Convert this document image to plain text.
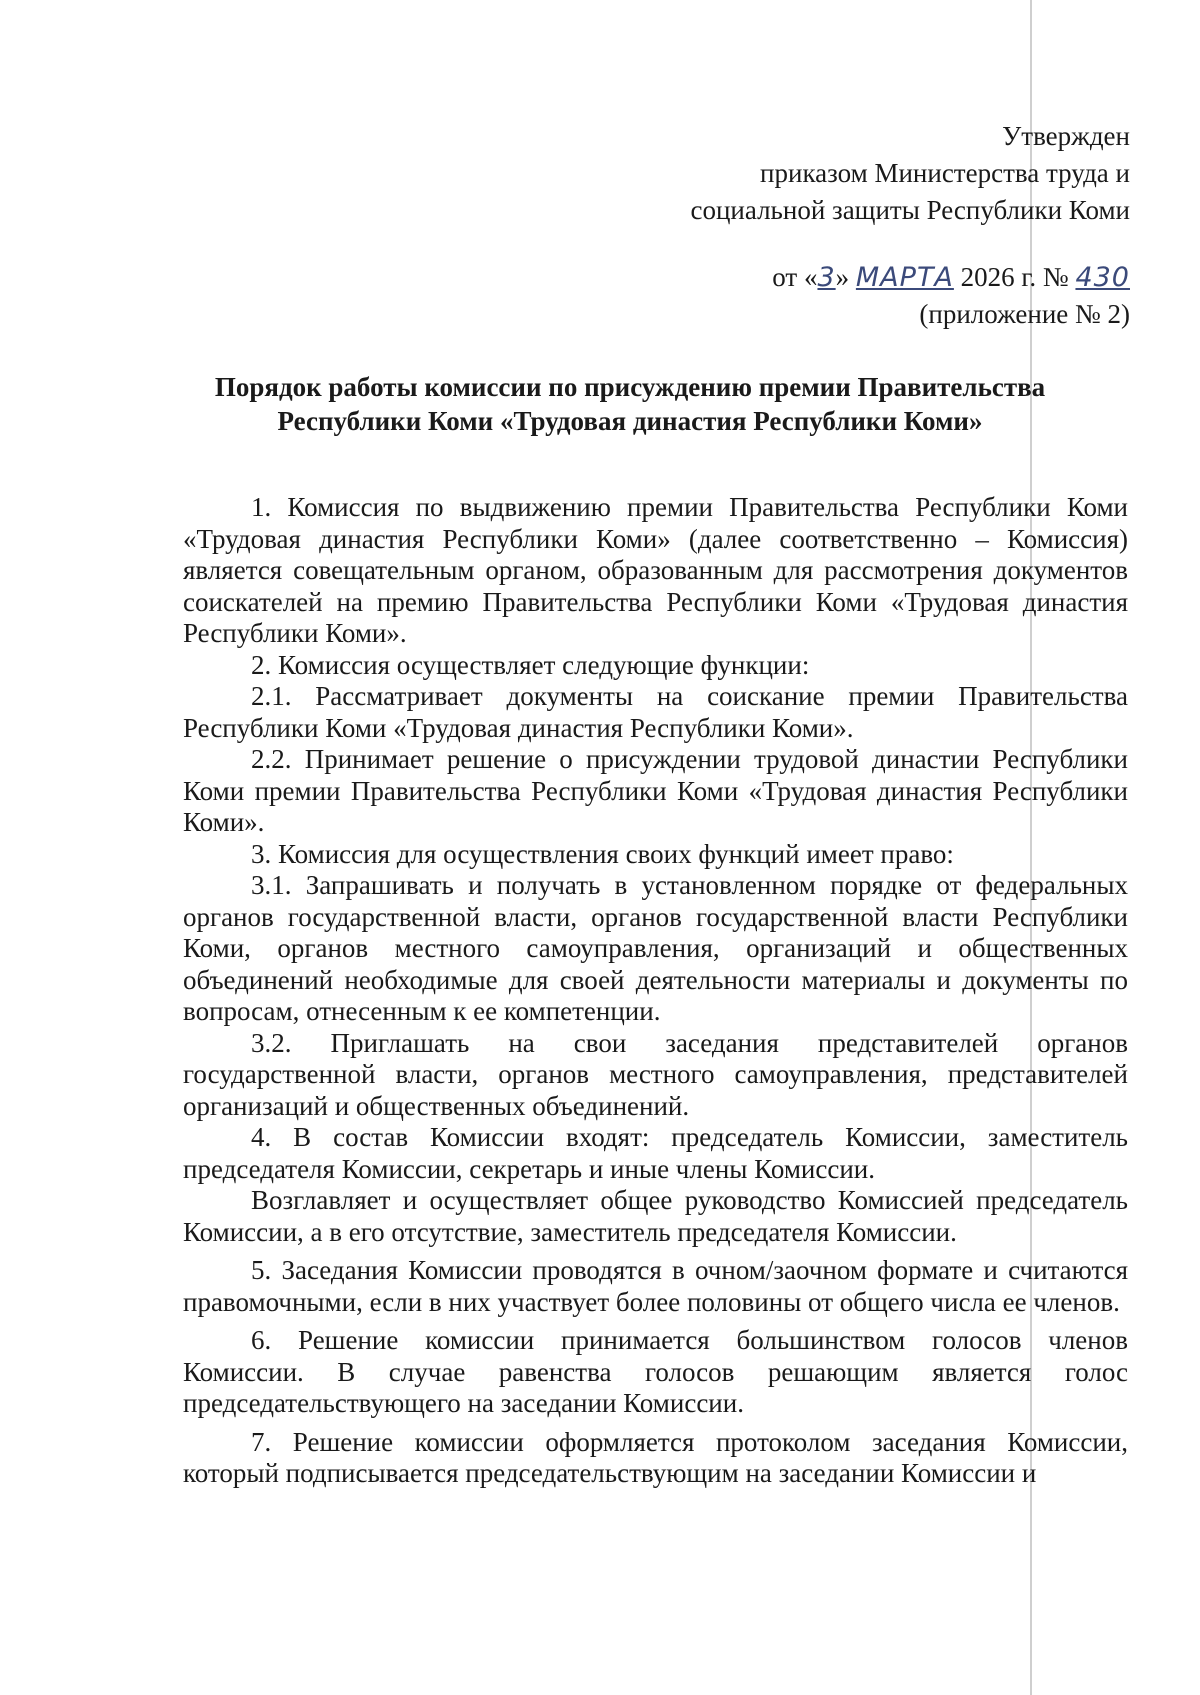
Утвержден
приказом Министерства труда и
социальной защиты Республики Коми
от «3» МАРТА 2026 г. № 430
(приложение № 2)
Порядок работы комиссии по присуждению премии Правительства
Республики Коми «Трудовая династия Республики Коми»

1. Комиссия по выдвижению премии Правительства Республики Коми «Трудовая династия Республики Коми» (далее соответственно – Комиссия) является совещательным органом, образованным для рассмотрения документов соискателей на премию Правительства Республики Коми «Трудовая династия Республики Коми».

2. Комиссия осуществляет следующие функции:

2.1. Рассматривает документы на соискание премии Правительства Республики Коми «Трудовая династия Республики Коми».

2.2. Принимает решение о присуждении трудовой династии Республики Коми премии Правительства Республики Коми «Трудовая династия Республики Коми».

3. Комиссия для осуществления своих функций имеет право:

3.1. Запрашивать и получать в установленном порядке от федеральных органов государственной власти, органов государственной власти Республики Коми, органов местного самоуправления, организаций и общественных объединений необходимые для своей деятельности материалы и документы по вопросам, отнесенным к ее компетенции.

3.2. Приглашать на свои заседания представителей органов государственной власти, органов местного самоуправления, представителей организаций и общественных объединений.

4. В состав Комиссии входят: председатель Комиссии, заместитель председателя Комиссии, секретарь и иные члены Комиссии.

Возглавляет и осуществляет общее руководство Комиссией председатель Комиссии, а в его отсутствие, заместитель председателя Комиссии.

5. Заседания Комиссии проводятся в очном/заочном формате и считаются правомочными, если в них участвует более половины от общего числа ее членов.

6. Решение комиссии принимается большинством голосов членов Комиссии. В случае равенства голосов решающим является голос председательствующего на заседании Комиссии.

7. Решение комиссии оформляется протоколом заседания Комиссии, который подписывается председательствующим на заседании Комиссии и
